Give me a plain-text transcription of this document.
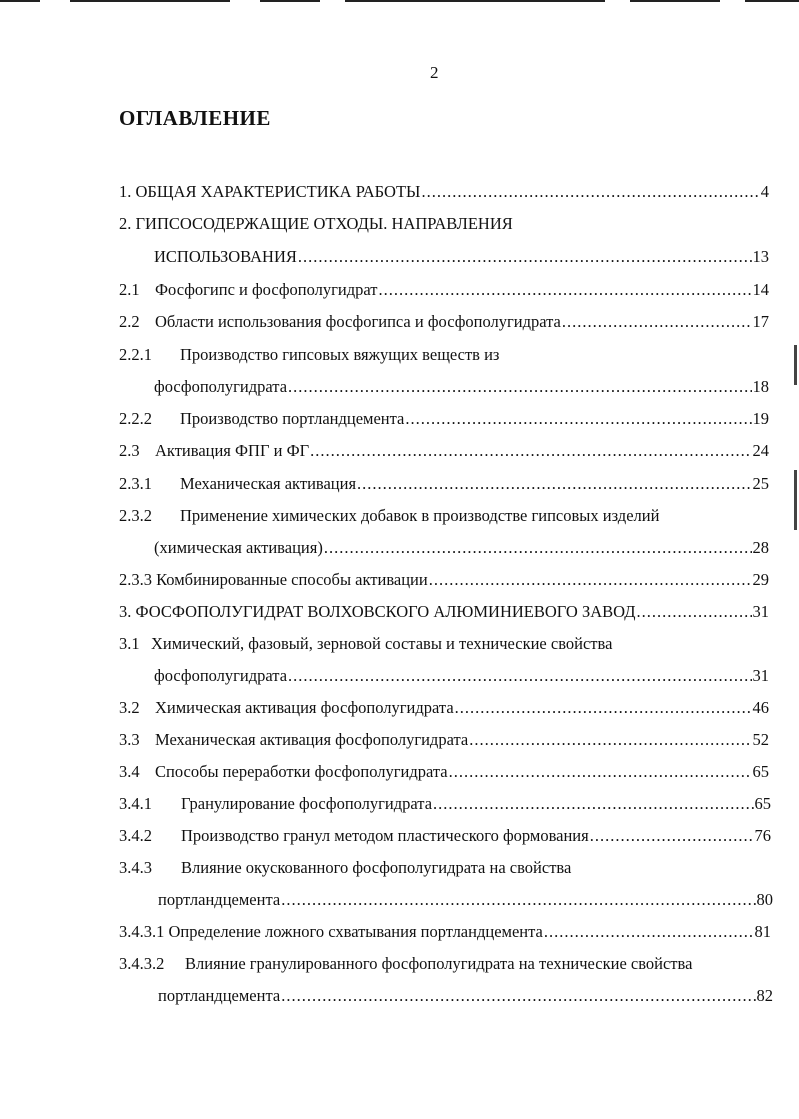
2
ОГЛАВЛЕНИЕ
1.
ОБЩАЯ ХАРАКТЕРИСТИКА РАБОТЫ .....	4
2.
ГИПСОСОДЕРЖАЩИЕ ОТХОДЫ. НАПРАВЛЕНИЯ
ИСПОЛЬЗОВАНИЯ .....	13
2.1 Фосфогипс и фосфополугидрат .....	14
2.2 Области использования фосфогипса и фосфополугидрата .....	17
2.2.1	Производство гипсовых вяжущих веществ из
фосфополугидрата .....	18
2.2.2	Производство портландцемента .....	19
2.3 Активация ФПГ и ФГ .....	24
2.3.1	Механическая активация .....	25
2.3.2	Применение химических добавок в производстве гипсовых изделий
(химическая активация) .....	28
2.3.3
Комбинированные способы активации .....	29
3.
ФОСФОПОЛУГИДРАТ ВОЛХОВСКОГО АЛЮМИНИЕВОГО ЗАВОД .....	31
3.1 Химический, фазовый, зерновой составы и технические свойства
фосфополугидрата .....	31
3.2 Химическая активация фосфополугидрата .....	46
3.3 Механическая активация фосфополугидрата .....	52
3.4 Способы переработки фосфополугидрата .....	65
3.4.1	Гранулирование фосфополугидрата .....	65
3.4.2	Производство гранул методом пластического формования .....	76
3.4.3	Влияние окускованного фосфополугидрата на свойства
портландцемента .....	80
3.4.3.1
Определение ложного схватывания портландцемента .....	81
3.4.3.2	Влияние гранулированного фосфополугидрата на технические свойства
портландцемента .....	82
